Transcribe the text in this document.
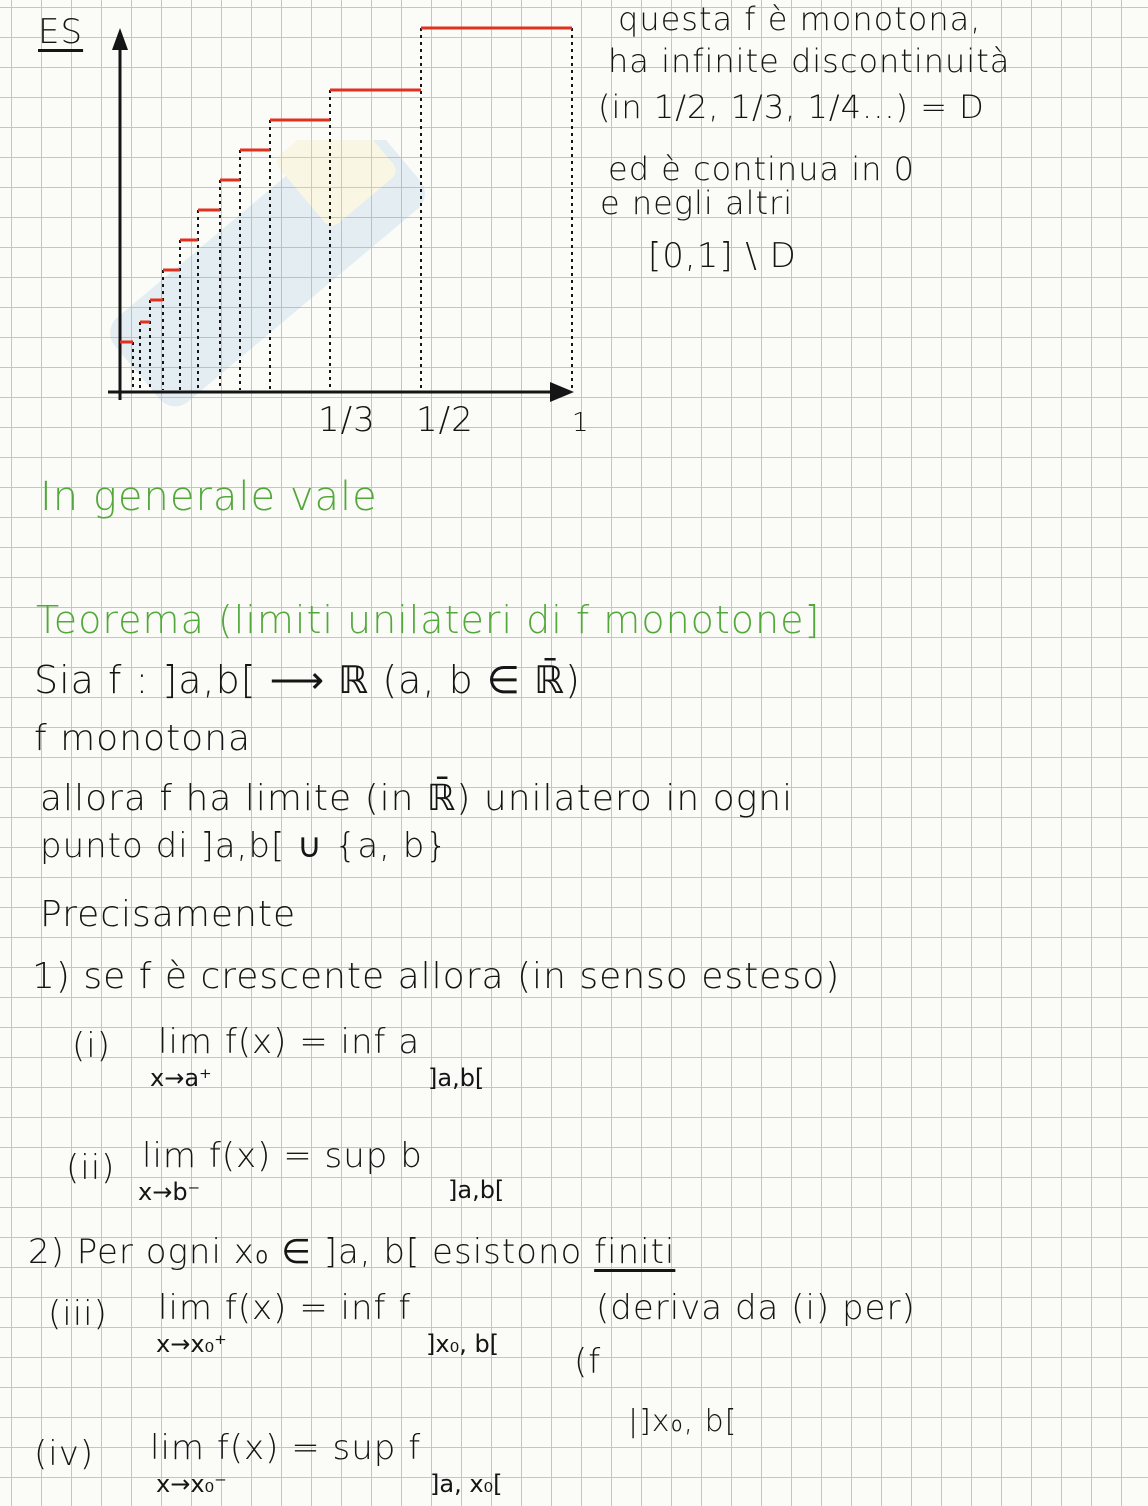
ES
1/3 1/2	1
questa f è monotona,
ha infinite discontinuità
(in 1/2, 1/3, 1/4...) = D
ed è continua in 0
e negli altri
[0,1] \ D
In generale vale
Teorema (limiti unilateri di f monotone]
Sia f : ]a,b[ ⟶ ℝ (a, b ∈ ℝ̄)
f monotona
allora f ha limite (in ℝ̄) unilatero in ogni
punto di ]a,b[ ∪ {a, b}
Precisamente
1) se f è crescente allora (in senso esteso)
(i) lim f(x) = inf a
x→a⁺	]a,b[
(ii) lim f(x) = sup b
x→b⁻	]a,b[
2) Per ogni x₀ ∈ ]a, b[ esistono finiti
(iii) lim f(x) = inf f
x→x₀⁺	]x₀, b[
(deriva da (i) per)
(f
|]x₀, b[
(iv) lim f(x) = sup f
x→x₀⁻	]a, x₀[
